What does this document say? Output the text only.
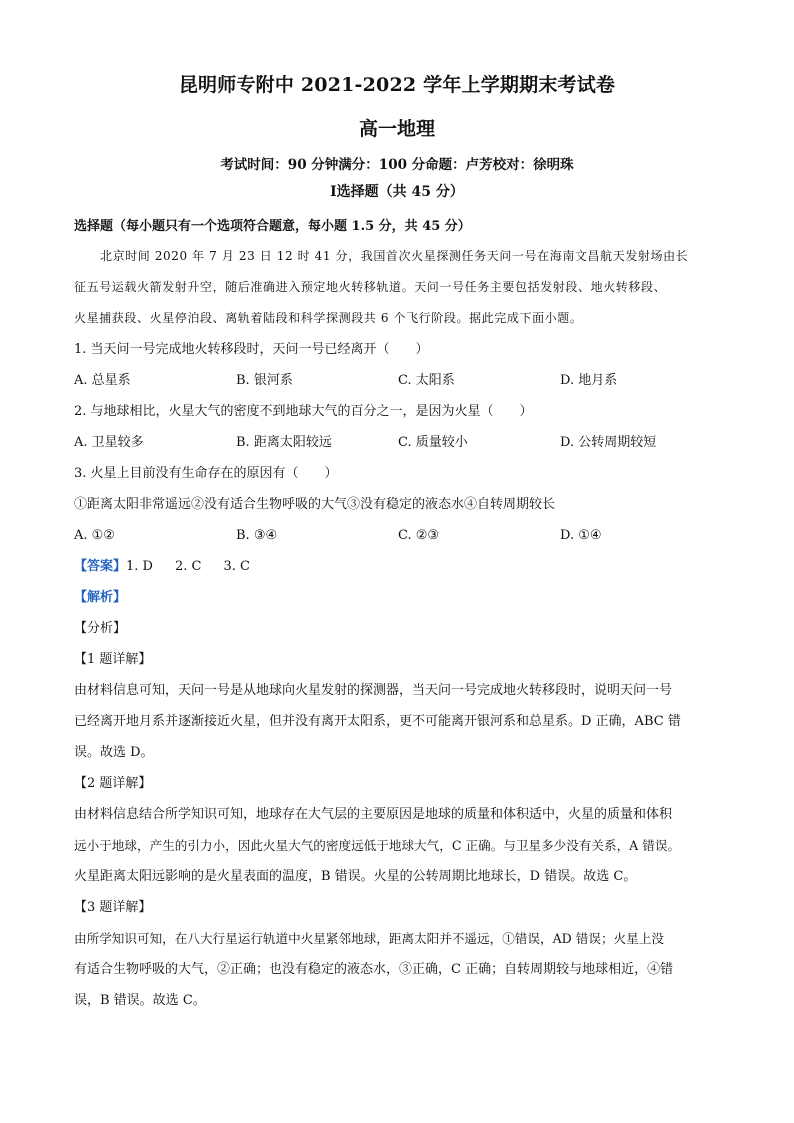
昆明师专附中 2021-2022 学年上学期期末考试卷
高一地理
考试时间：90 分钟满分：100 分命题：卢芳校对：徐明珠
Ⅰ选择题（共 45 分）

选择题（每小题只有一个选项符合题意，每小题 1.5 分，共 45 分）

北京时间 2020 年 7 月 23 日 12 时 41 分，我国首次火星探测任务天问一号在海南文昌航天发射场由长

征五号运载火箭发射升空，随后准确进入预定地火转移轨道。天问一号任务主要包括发射段、地火转移段、

火星捕获段、火星停泊段、离轨着陆段和科学探测段共 6 个飞行阶段。据此完成下面小题。

1. 当天问一号完成地火转移段时，天问一号已经离开（　　）

A. 总星系	B. 银河系	C. 太阳系	D. 地月系

2. 与地球相比，火星大气的密度不到地球大气的百分之一，是因为火星（　　）

A. 卫星较多	B. 距离太阳较远	C. 质量较小	D. 公转周期较短

3. 火星上目前没有生命存在的原因有（　　）

①距离太阳非常遥远②没有适合生物呼吸的大气③没有稳定的液态水④自转周期较长

A. ①②	B. ③④	C. ②③	D. ①④

【答案】1. D 2. C 3. C

【解析】

【分析】

【1 题详解】

由材料信息可知，天问一号是从地球向火星发射的探测器，当天问一号完成地火转移段时，说明天问一号

已经离开地月系并逐渐接近火星，但并没有离开太阳系，更不可能离开银河系和总星系。D 正确，ABC 错

误。故选 D。

【2 题详解】

由材料信息结合所学知识可知，地球存在大气层的主要原因是地球的质量和体积适中，火星的质量和体积

远小于地球，产生的引力小，因此火星大气的密度远低于地球大气，C 正确。与卫星多少没有关系，A 错误。

火星距离太阳远影响的是火星表面的温度，B 错误。火星的公转周期比地球长，D 错误。故选 C。

【3 题详解】

由所学知识可知，在八大行星运行轨道中火星紧邻地球，距离太阳并不遥远，①错误，AD 错误；火星上没

有适合生物呼吸的大气，②正确；也没有稳定的液态水，③正确，C 正确；自转周期较与地球相近，④错

误，B 错误。故选 C。
